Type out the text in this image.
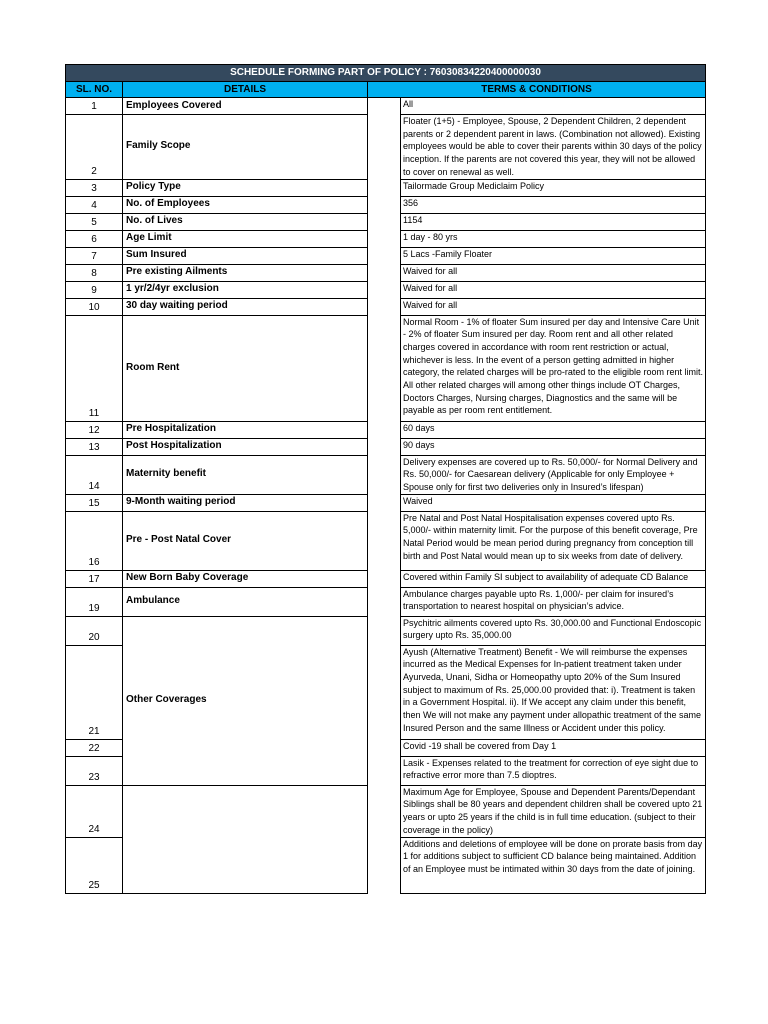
SCHEDULE FORMING PART OF POLICY : 76030834220400000030			
SL. NO.	DETAILS	TERMS & CONDITIONS	
1	Employees Covered		All
2	Family Scope		Floater (1+5) - Employee, Spouse, 2 Dependent Children, 2 dependent parents or 2 dependent parent in laws. (Combination not allowed). Existing employees would be able to cover their parents within 30 days of the policy inception. If the parents are not covered this year, they will not be allowed to cover on renewal as well.
3	Policy Type		Tailormade Group Mediclaim Policy
4	No. of Employees		356
5	No. of Lives		1154
6	Age Limit		1 day - 80 yrs
7	Sum Insured		5 Lacs -Family Floater
8	Pre existing Ailments		Waived for all
9	1 yr/2/4yr exclusion		Waived for all
10	30 day waiting period		Waived for all
11	Room Rent		Normal Room - 1% of floater Sum insured per day and Intensive Care Unit - 2% of floater Sum insured per day. Room rent and all other related charges covered in accordance with room rent restriction or actual, whichever is less. In the event of a person getting admitted in higher category, the related charges will be pro-rated to the eligible room rent limit. All other related charges will among other things include OT Charges, Doctors Charges, Nursing charges, Diagnostics and the same will be payable as per room rent entitlement.
12	Pre Hospitalization		60 days
13	Post Hospitalization		90 days
14	Maternity benefit		Delivery expenses are covered up to Rs. 50,000/- for Normal Delivery and Rs. 50,000/- for Caesarean delivery (Applicable for only Employee + Spouse only for first two deliveries only in Insured’s lifespan)
15	9-Month waiting period		Waived
16	Pre - Post Natal Cover		Pre Natal and Post Natal Hospitalisation expenses covered upto Rs. 5,000/- within maternity limit. For the purpose of this benefit coverage, Pre Natal Period would be mean period during pregnancy from conception till birth and Post Natal would mean up to six weeks from date of delivery.
17	New Born Baby Coverage		Covered within Family SI subject to availability of adequate CD Balance
19	Ambulance		Ambulance charges payable upto Rs. 1,000/- per claim for insured’s transportation to nearest hospital on physician’s advice.
20	Other Coverages		Psychitric ailments covered upto Rs. 30,000.00 and Functional Endoscopic surgery upto Rs. 35,000.00
21			Ayush (Alternative Treatment) Benefit - We will reimburse the expenses incurred as the Medical Expenses for In-patient treatment taken under Ayurveda, Unani, Sidha or Homeopathy upto 20% of the Sum Insured subject to maximum of Rs. 25,000.00 provided that: i). Treatment is taken in a Government Hospital. ii). If We accept any claim under this benefit, then We will not make any payment under allopathic treatment of the same Insured Person and the same Illness or Accident under this policy.
22			Covid -19 shall be covered from Day 1
23			Lasik - Expenses related to the treatment for correction of eye sight due to refractive error more than 7.5 dioptres.
24			Maximum Age for Employee, Spouse and Dependent Parents/Dependant Siblings shall be 80 years and dependent children shall be covered upto 21 years or upto 25 years if the child is in full time education. (subject to their coverage in the policy)
25			Additions and deletions of employee will be done on prorate basis from day 1 for additions subject to sufficient CD balance being maintained. Addition of an Employee must be intimated within 30 days from the date of joining.
